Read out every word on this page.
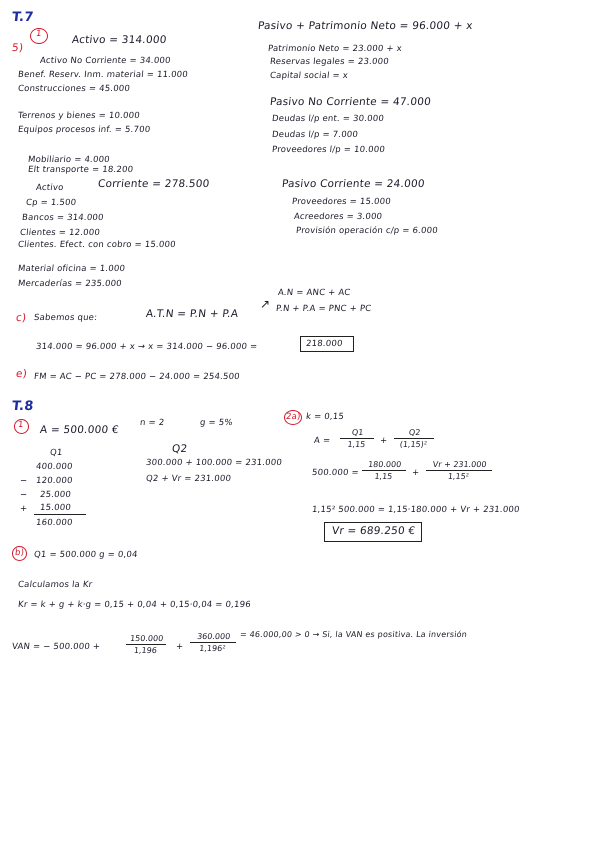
T.7
5)
1	Activo = 314.000
Activo No Corriente = 34.000
Benef. Reserv. Inm. material = 11.000
Construcciones = 45.000
Terrenos y bienes = 10.000
Equipos procesos inf. = 5.700
Mobiliario = 4.000
Elt transporte = 18.200
Activo	Corriente = 278.500
Cp = 1.500
Bancos = 314.000
Clientes = 12.000
Clientes. Efect. con cobro = 15.000
Material oficina = 1.000
Mercaderías = 235.000
Pasivo + Patrimonio Neto = 96.000 + x
Patrimonio Neto = 23.000 + x
Reservas legales = 23.000
Capital social = x
Pasivo No Corriente = 47.000
Deudas l/p ent. = 30.000
Deudas l/p = 7.000
Proveedores l/p = 10.000
Pasivo Corriente = 24.000
Proveedores = 15.000
Acreedores = 3.000
Provisión operación c/p = 6.000
c) Sabemos que:	A.T.N = P.N + P.A
↗
A.N = ANC + AC
P.N + P.A = PNC + PC
314.000 = 96.000 + x → x = 314.000 − 96.000 =	218.000
e) FM = AC − PC = 278.000 − 24.000 = 254.500
T.8
1 A = 500.000 €
n = 2	g = 5%
Q1
400.000
− 120.000
− 25.000
+ 15.000
160.000
Q2
300.000 + 100.000 = 231.000
Q2 + Vr = 231.000
2a) k = 0,15
$A = \frac{Q1}{1,15} + \frac{Q2}{\text{(1,15)²}}$
$500.000 = \frac{180.000}{1,15} + \frac{Vr + 231.000}{\text{1,15²}}$
1,15² 500.000 = 1,15·180.000 + Vr + 231.000
Vr = 689.250 €
b) Q1 = 500.000 g = 0,04
Calculamos la Kr
Kr = k + g + k·g = 0,15 + 0,04 + 0,15·0,04 = 0,196
VAN = − 500.000 +	$\frac{150.000}{1,196} + \frac{360.000}{\text{1,196²}} = 46.000,00 > 0 \to Si$, la VAN es positiva. La inversión
